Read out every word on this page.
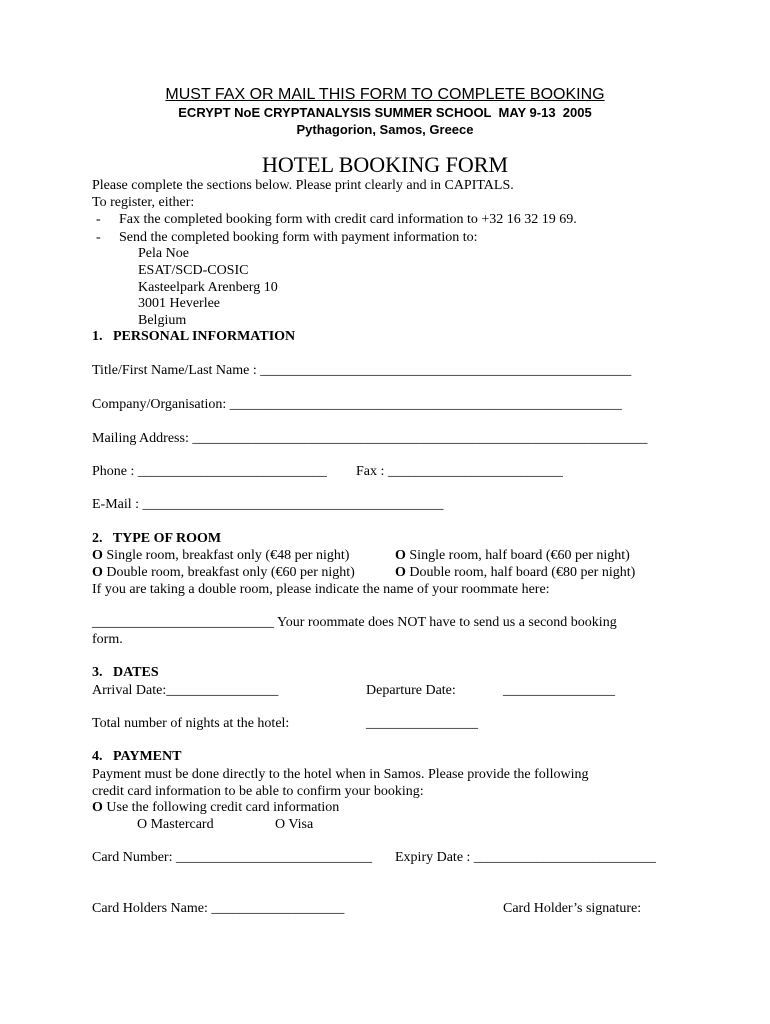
MUST FAX OR MAIL THIS FORM TO COMPLETE BOOKING
ECRYPT NoE CRYPTANALYSIS SUMMER SCHOOL  MAY 9-13  2005
Pythagorion, Samos, Greece
HOTEL BOOKING FORM
Please complete the sections below. Please print clearly and in CAPITALS.
To register, either:
- Fax the completed booking form with credit card information to +32 16 32 19 69.
- Send the completed booking form with payment information to:
Pela Noe
ESAT/SCD-COSIC
Kasteelpark Arenberg 10
3001 Heverlee
Belgium
1.   PERSONAL INFORMATION
Title/First Name/Last Name : _____________________________________________________
Company/Organisation: ________________________________________________________
Mailing Address: _________________________________________________________________
Phone : ___________________________ Fax : _________________________
E-Mail : ___________________________________________
2.   TYPE OF ROOM
O Single room, breakfast only (€48 per night)	O Single room, half board (€60 per night)
O Double room, breakfast only (€60 per night)	O Double room, half board (€80 per night)
If you are taking a double room, please indicate the name of your roommate here:
__________________________ Your roommate does NOT have to send us a second booking
form.
3.   DATES
Arrival Date:________________	Departure Date:	________________
Total number of nights at the hotel:	________________
4.   PAYMENT
Payment must be done directly to the hotel when in Samos. Please provide the following
credit card information to be able to confirm your booking:
O Use the following credit card information
O Mastercard	O Visa
Card Number: ____________________________ Expiry Date : __________________________
Card Holders Name: ___________________	Card Holder’s signature:
